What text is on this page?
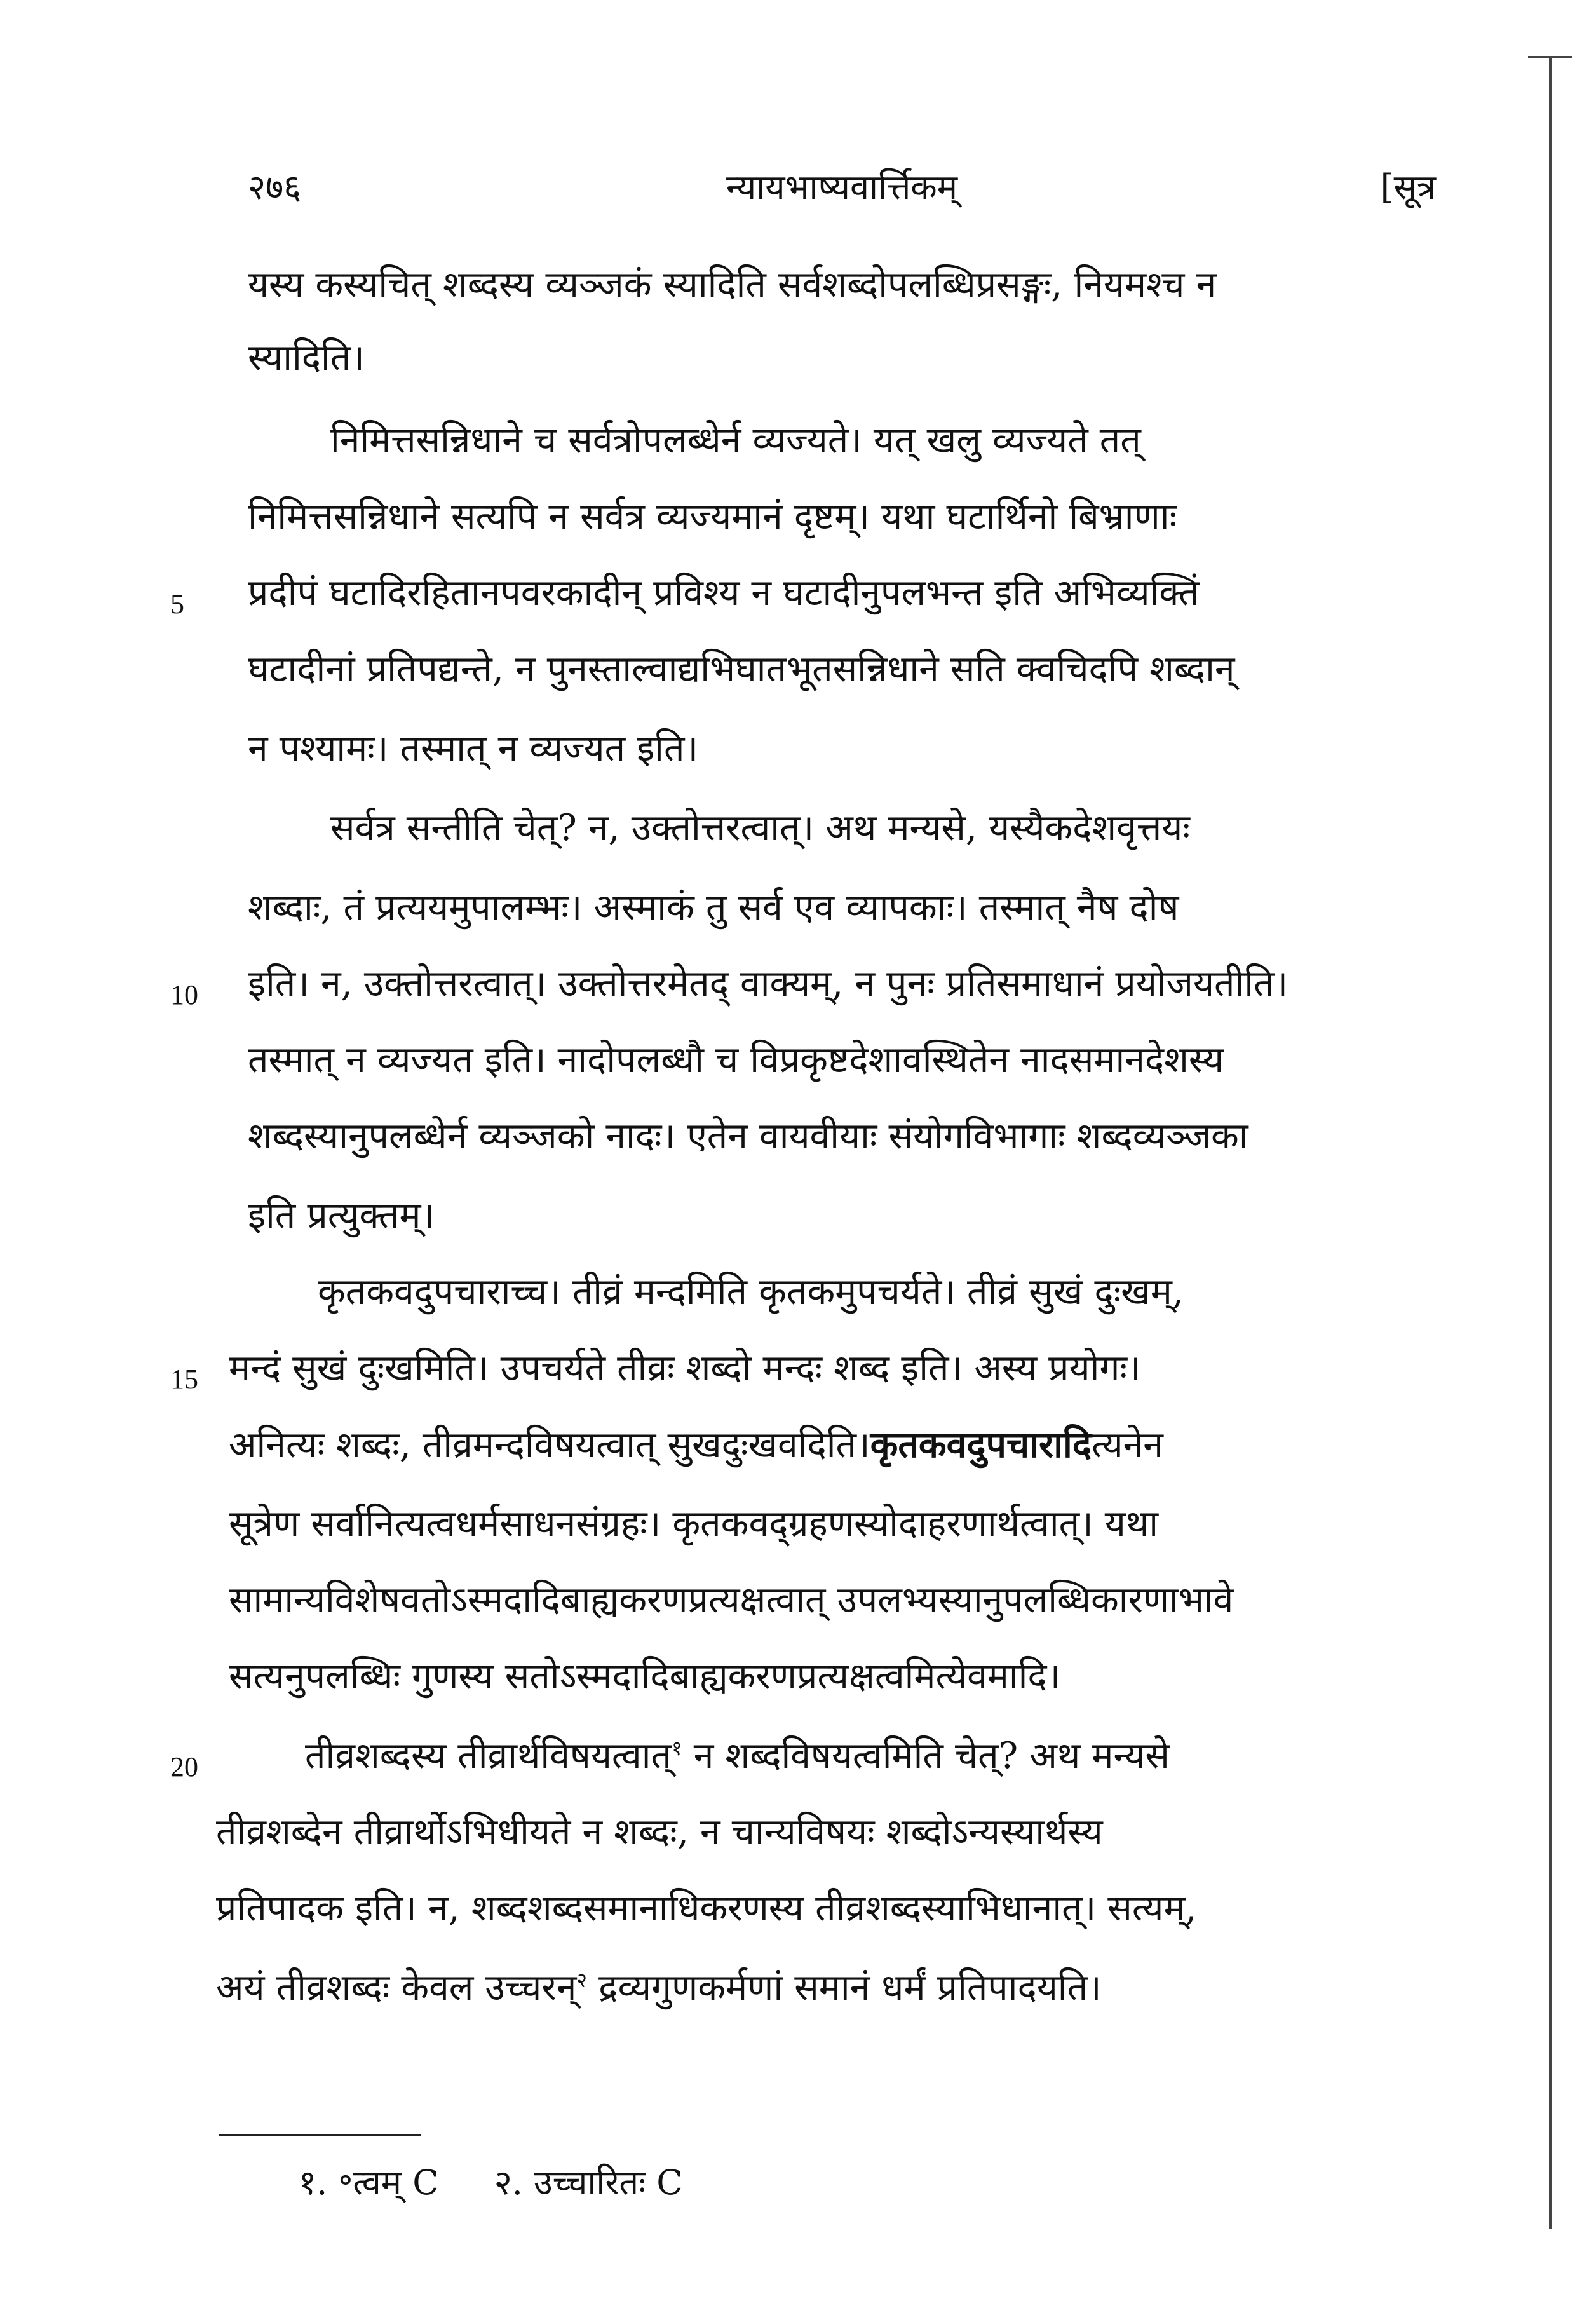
२७६	न्यायभाष्यवार्त्तिकम्	[सूत्र
यस्य कस्यचित् शब्दस्य व्यञ्जकं स्यादिति सर्वशब्दोपलब्धिप्रसङ्गः, नियमश्च न
स्यादिति।
निमित्तसन्निधाने च सर्वत्रोपलब्धेर्न व्यज्यते। यत् खलु व्यज्यते तत्
निमित्तसन्निधाने सत्यपि न सर्वत्र व्यज्यमानं दृष्टम्। यथा घटार्थिनो बिभ्राणाः
प्रदीपं घटादिरहितानपवरकादीन् प्रविश्य न घटादीनुपलभन्त इति अभिव्यक्तिं
घटादीनां प्रतिपद्यन्ते, न पुनस्ताल्वाद्यभिघातभूतसन्निधाने सति क्वचिदपि शब्दान्
न पश्यामः। तस्मात् न व्यज्यत इति।
सर्वत्र सन्तीति चेत्? न, उक्तोत्तरत्वात्। अथ मन्यसे, यस्यैकदेशवृत्तयः
शब्दाः, तं प्रत्ययमुपालम्भः। अस्माकं तु सर्व एव व्यापकाः। तस्मात् नैष दोष
इति। न, उक्तोत्तरत्वात्। उक्तोत्तरमेतद् वाक्यम्, न पुनः प्रतिसमाधानं प्रयोजयतीति।
तस्मात् न व्यज्यत इति। नादोपलब्धौ च विप्रकृष्टदेशावस्थितेन नादसमानदेशस्य
शब्दस्यानुपलब्धेर्न व्यञ्जको नादः। एतेन वायवीयाः संयोगविभागाः शब्दव्यञ्जका
इति प्रत्युक्तम्।
कृतकवदुपचाराच्च। तीव्रं मन्दमिति कृतकमुपचर्यते। तीव्रं सुखं दुःखम्,
मन्दं सुखं दुःखमिति। उपचर्यते तीव्रः शब्दो मन्दः शब्द इति। अस्य प्रयोगः।
अनित्यः शब्दः, तीव्रमन्दविषयत्वात् सुखदुःखवदिति।कृतकवदुपचारादित्यनेन
सूत्रेण सर्वानित्यत्वधर्मसाधनसंग्रहः। कृतकवद्ग्रहणस्योदाहरणार्थत्वात्। यथा
सामान्यविशेषवतोऽस्मदादिबाह्यकरणप्रत्यक्षत्वात् उपलभ्यस्यानुपलब्धिकारणाभावे
सत्यनुपलब्धिः गुणस्य सतोऽस्मदादिबाह्यकरणप्रत्यक्षत्वमित्येवमादि।
तीव्रशब्दस्य तीव्रार्थविषयत्वात्$^१$ न शब्दविषयत्वमिति चेत्? अथ मन्यसे
तीव्रशब्देन तीव्रार्थोऽभिधीयते न शब्दः, न चान्यविषयः शब्दोऽन्यस्यार्थस्य
प्रतिपादक इति। न, शब्दशब्दसमानाधिकरणस्य तीव्रशब्दस्याभिधानात्। सत्यम्,
अयं तीव्रशब्दः केवल उच्चरन्$^२$ द्रव्यगुणकर्मणां समानं धर्मं प्रतिपादयति।
5
10
15
20
१. ॰त्वम् C २. उच्चारितः C
